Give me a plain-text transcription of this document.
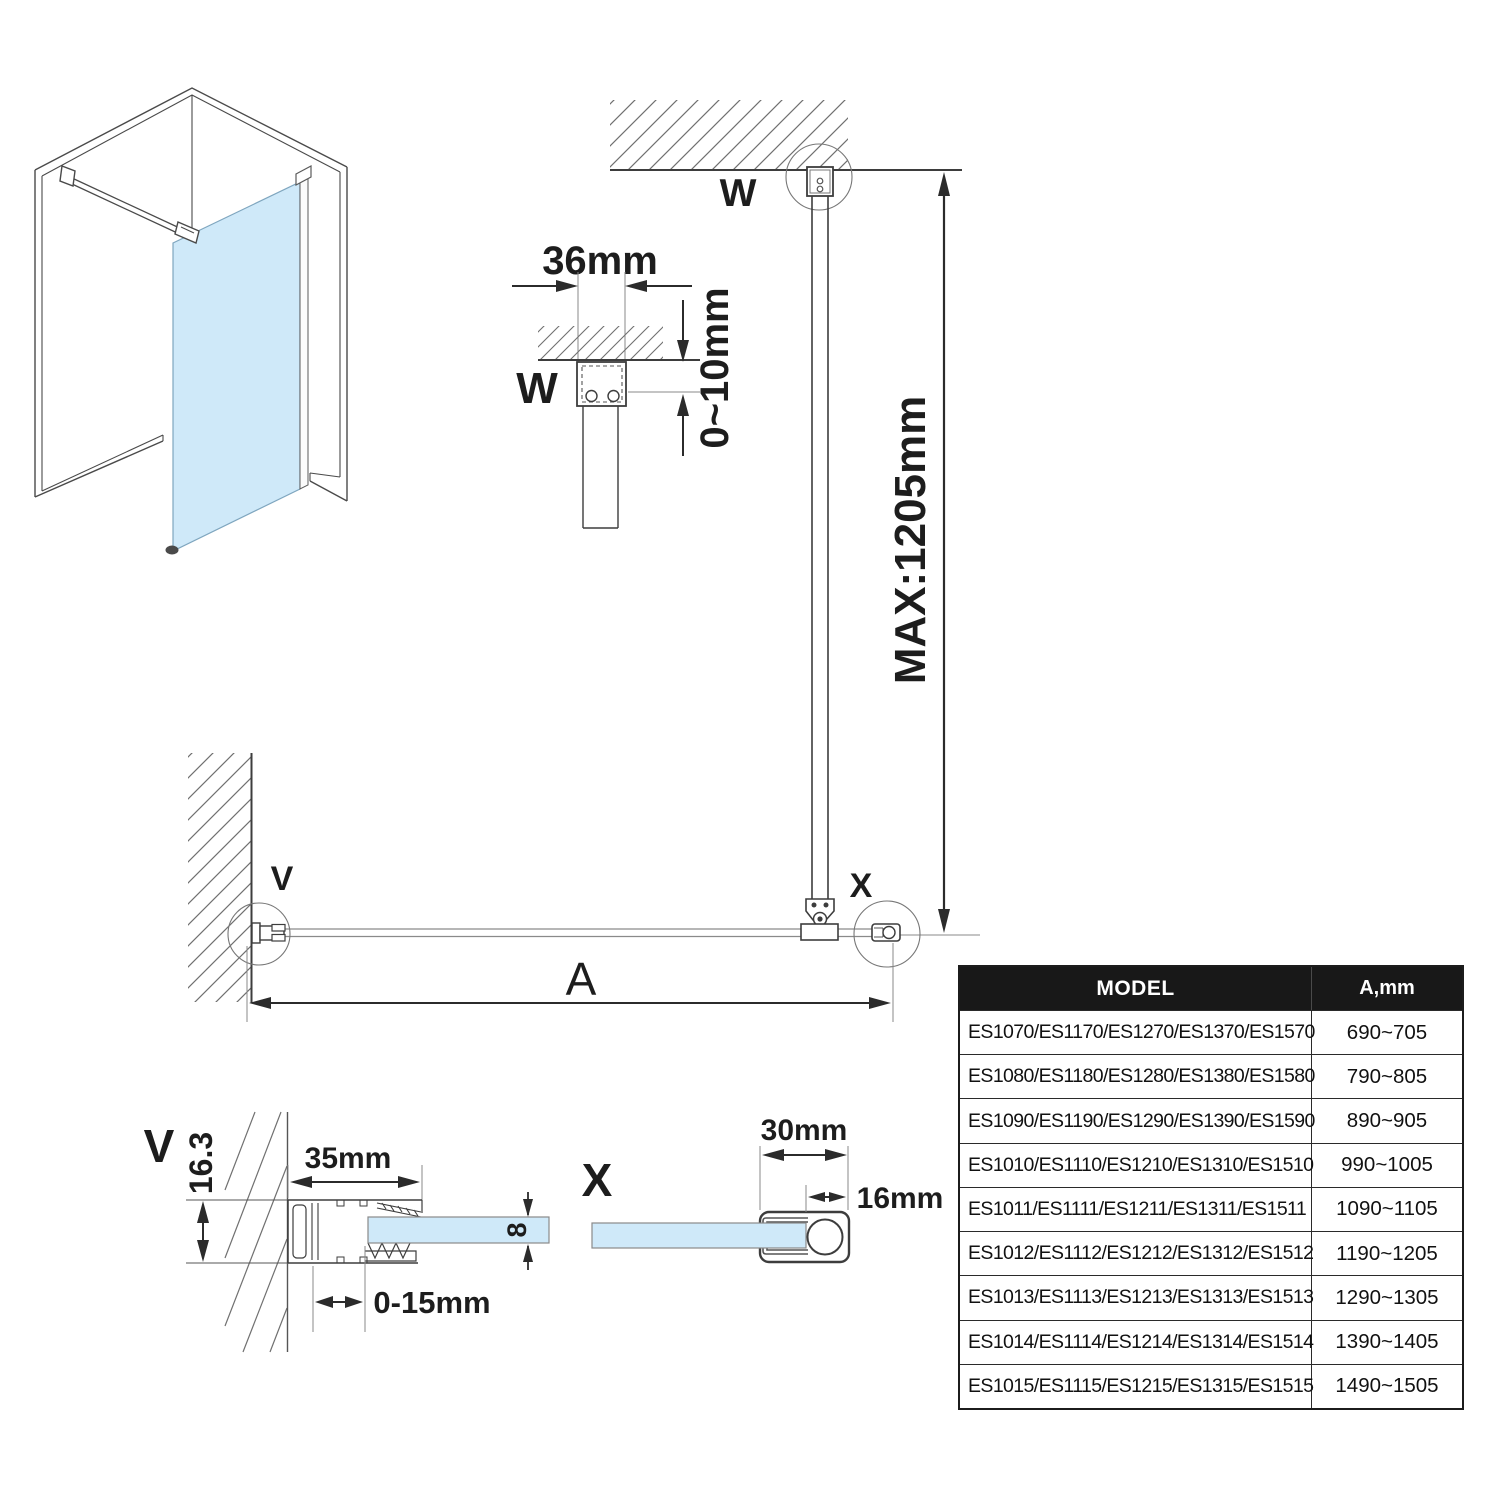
36mm
W	0~10mm
W
MAX:1205mm
V	X
A
V 16.3	35mm
8
0-15mm
X
30mm
16mm
MODEL	A,mm
ES1070/ES1170/ES1270/ES1370/ES1570	690~705
ES1080/ES1180/ES1280/ES1380/ES1580	790~805
ES1090/ES1190/ES1290/ES1390/ES1590	890~905
ES1010/ES1110/ES1210/ES1310/ES1510	990~1005
ES1011/ES1111/ES1211/ES1311/ES1511	1090~1105
ES1012/ES1112/ES1212/ES1312/ES1512	1190~1205
ES1013/ES1113/ES1213/ES1313/ES1513	1290~1305
ES1014/ES1114/ES1214/ES1314/ES1514	1390~1405
ES1015/ES1115/ES1215/ES1315/ES1515	1490~1505
